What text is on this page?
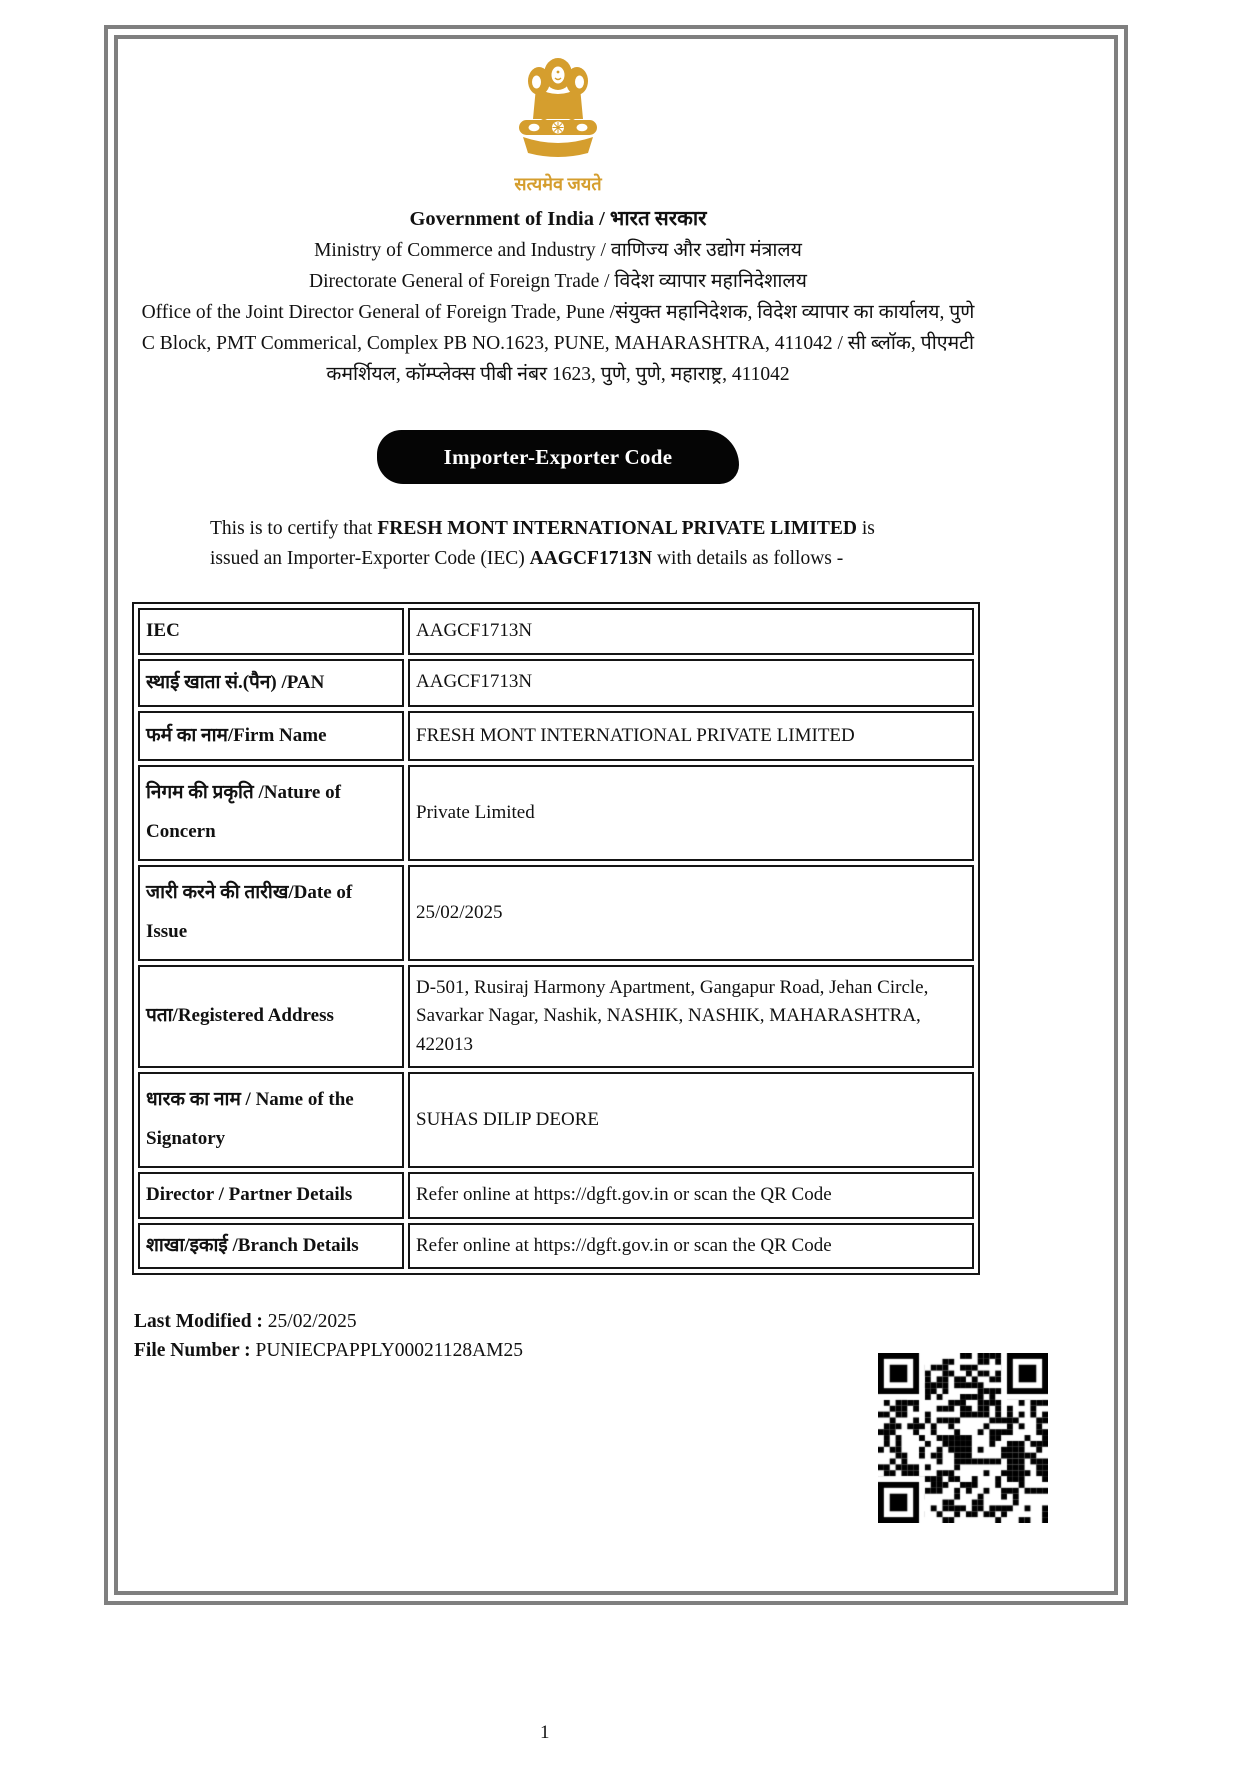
सत्यमेव जयते
Government of India / भारत सरकार
Ministry of Commerce and Industry / वाणिज्य और उद्योग मंत्रालय
Directorate General of Foreign Trade / विदेश व्यापार महानिदेशालय
Office of the Joint Director General of Foreign Trade, Pune /संयुक्त महानिदेशक, विदेश व्यापार का कार्यालय, पुणे
C Block, PMT Commerical, Complex PB NO.1623, PUNE, MAHARASHTRA, 411042 / सी ब्लॉक, पीएमटी
कमर्शियल, कॉम्प्लेक्स पीबी नंबर 1623, पुणे, पुणे, महाराष्ट्र, 411042
Importer-Exporter Code
This is to certify that FRESH MONT INTERNATIONAL PRIVATE LIMITED is issued an Importer-Exporter Code (IEC) AAGCF1713N with details as follows -
IEC	AAGCF1713N
स्थाई खाता सं.(पैन) /PAN	AAGCF1713N
फर्म का नाम/Firm Name	FRESH MONT INTERNATIONAL PRIVATE LIMITED
निगम की प्रकृति /Nature of Concern	Private Limited
जारी करने की तारीख/Date of Issue	25/02/2025
पता/Registered Address	D-501, Rusiraj Harmony Apartment, Gangapur Road, Jehan Circle, Savarkar Nagar, Nashik, NASHIK, NASHIK, MAHARASHTRA, 422013
धारक का नाम / Name of the Signatory	SUHAS DILIP DEORE
Director / Partner Details	Refer online at https://dgft.gov.in or scan the QR Code
शाखा/इकाई /Branch Details	Refer online at https://dgft.gov.in or scan the QR Code
Last Modified : 25/02/2025
File Number : PUNIECPAPPLY00021128AM25
1
